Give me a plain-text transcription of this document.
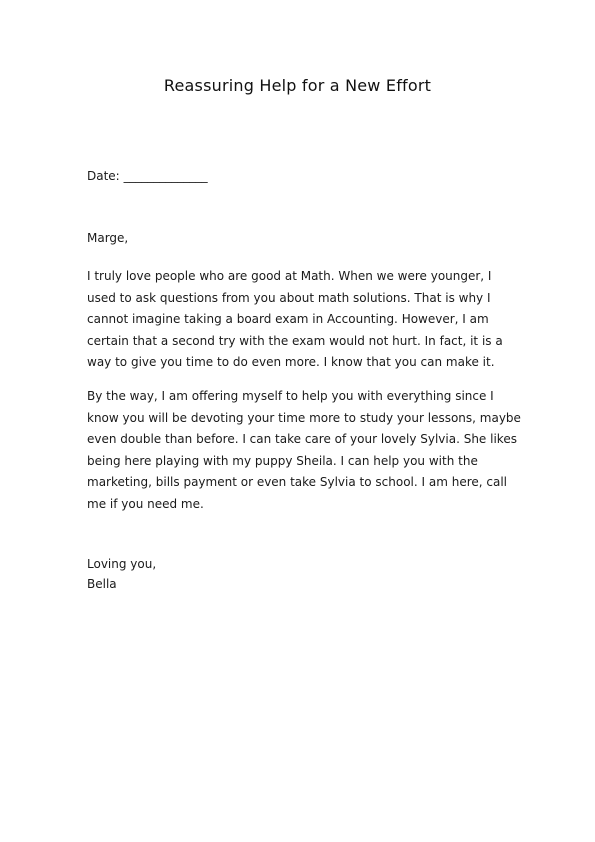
Reassuring Help for a New Effort
Date: ______________
Marge,

I truly love people who are good at Math. When we were younger, I

used to ask questions from you about math solutions. That is why I

cannot imagine taking a board exam in Accounting. However, I am

certain that a second try with the exam would not hurt. In fact, it is a

way to give you time to do even more. I know that you can make it.

By the way, I am offering myself to help you with everything since I

know you will be devoting your time more to study your lessons, maybe

even double than before. I can take care of your lovely Sylvia. She likes

being here playing with my puppy Sheila. I can help you with the

marketing, bills payment or even take Sylvia to school. I am here, call

me if you need me.

Loving you,
Bella
